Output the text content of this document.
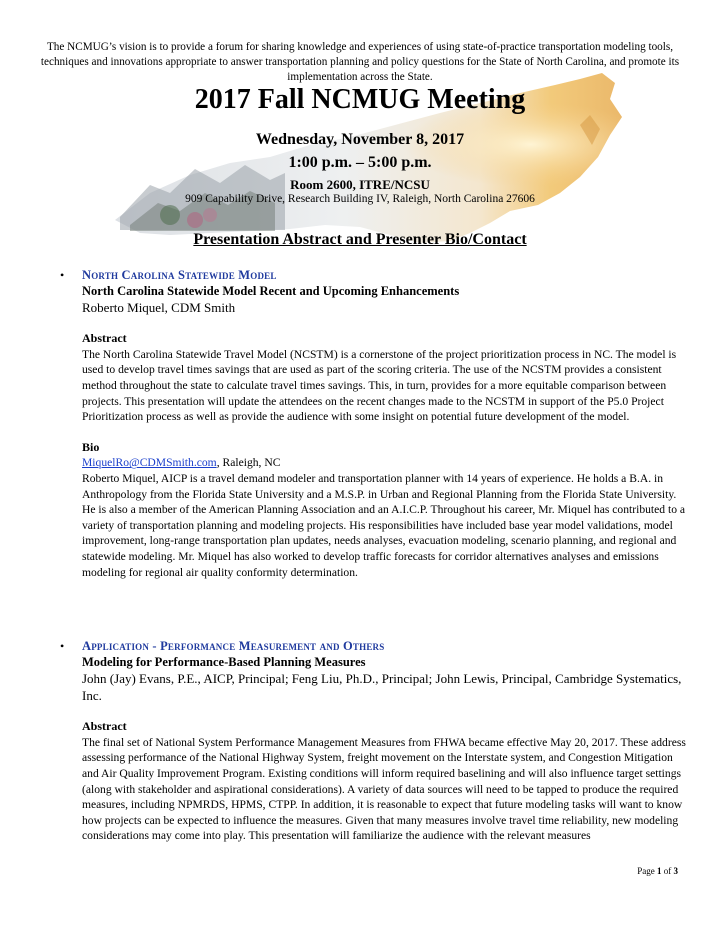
The NCMUG’s vision is to provide a forum for sharing knowledge and experiences of using state-of-practice transportation modeling tools, techniques and innovations appropriate to answer transportation planning and policy questions for the State of North Carolina, and promote its implementation across the State.
2017 Fall NCMUG Meeting
Wednesday, November 8, 2017
1:00 p.m. – 5:00 p.m.
Room 2600, ITRE/NCSU
909 Capability Drive, Research Building IV, Raleigh, North Carolina 27606
Presentation Abstract and Presenter Bio/Contact
• North Carolina Statewide Model
North Carolina Statewide Model Recent and Upcoming Enhancements
Roberto Miquel, CDM Smith
Abstract
The North Carolina Statewide Travel Model (NCSTM) is a cornerstone of the project prioritization process in NC. The model is used to develop travel times savings that are used as part of the scoring criteria. The use of the NCSTM provides a consistent method throughout the state to calculate travel times savings. This, in turn, provides for a more equitable comparison between projects. This presentation will update the attendees on the recent changes made to the NCSTM in support of the P5.0 Project Prioritization process as well as provide the audience with some insight on potential future development of the model.
Bio
MiquelRo@CDMSmith.com, Raleigh, NC
Roberto Miquel, AICP is a travel demand modeler and transportation planner with 14 years of experience. He holds a B.A. in Anthropology from the Florida State University and a M.S.P. in Urban and Regional Planning from the Florida State University. He is also a member of the American Planning Association and an A.I.C.P. Throughout his career, Mr. Miquel has contributed to a variety of transportation planning and modeling projects. His responsibilities have included base year model validations, model improvement, long-range transportation plan updates, needs analyses, evacuation modeling, scenario planning, and regional and statewide modeling. Mr. Miquel has also worked to develop traffic forecasts for corridor alternatives analyses and emissions modeling for regional air quality conformity determination.
• Application - Performance Measurement and Others
Modeling for Performance-Based Planning Measures
John (Jay) Evans, P.E., AICP, Principal; Feng Liu, Ph.D., Principal; John Lewis, Principal, Cambridge Systematics, Inc.
Abstract
The final set of National System Performance Management Measures from FHWA became effective May 20, 2017. These address assessing performance of the National Highway System, freight movement on the Interstate system, and Congestion Mitigation and Air Quality Improvement Program. Existing conditions will inform required baselining and will also influence target settings (along with stakeholder and aspirational considerations). A variety of data sources will need to be tapped to produce the required measures, including NPMRDS, HPMS, CTPP. In addition, it is reasonable to expect that future modeling tasks will want to know how projects can be expected to influence the measures. Given that many measures involve travel time reliability, new modeling considerations may come into play. This presentation will familiarize the audience with the relevant measures
Page 1 of 3
